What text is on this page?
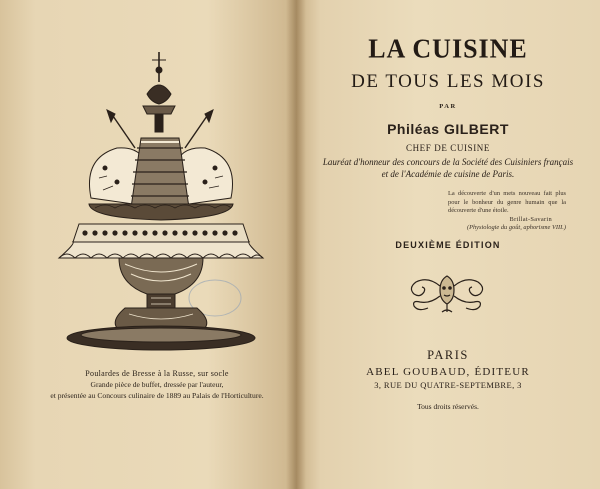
Poulardes de Bresse à la Russe, sur socle
Grande pièce de buffet, dressée par l'auteur,
et présentée au Concours culinaire de 1889 au Palais de l'Horticulture.
LA CUISINE
DE TOUS LES MOIS
PAR
Philéas GILBERT
CHEF DE CUISINE
Lauréat d'honneur des concours de la Société des Cuisiniers français
et de l'Académie de cuisine de Paris.
La découverte d'un mets nouveau fait plus pour le bonheur du genre humain que la découverte d'une étoile.
Brillat-Savarin
(Physiologie du goût, aphorisme VIII.)
DEUXIÈME ÉDITION
PARIS
ABEL GOUBAUD, ÉDITEUR
3, RUE DU QUATRE-SEPTEMBRE, 3
Tous droits réservés.
